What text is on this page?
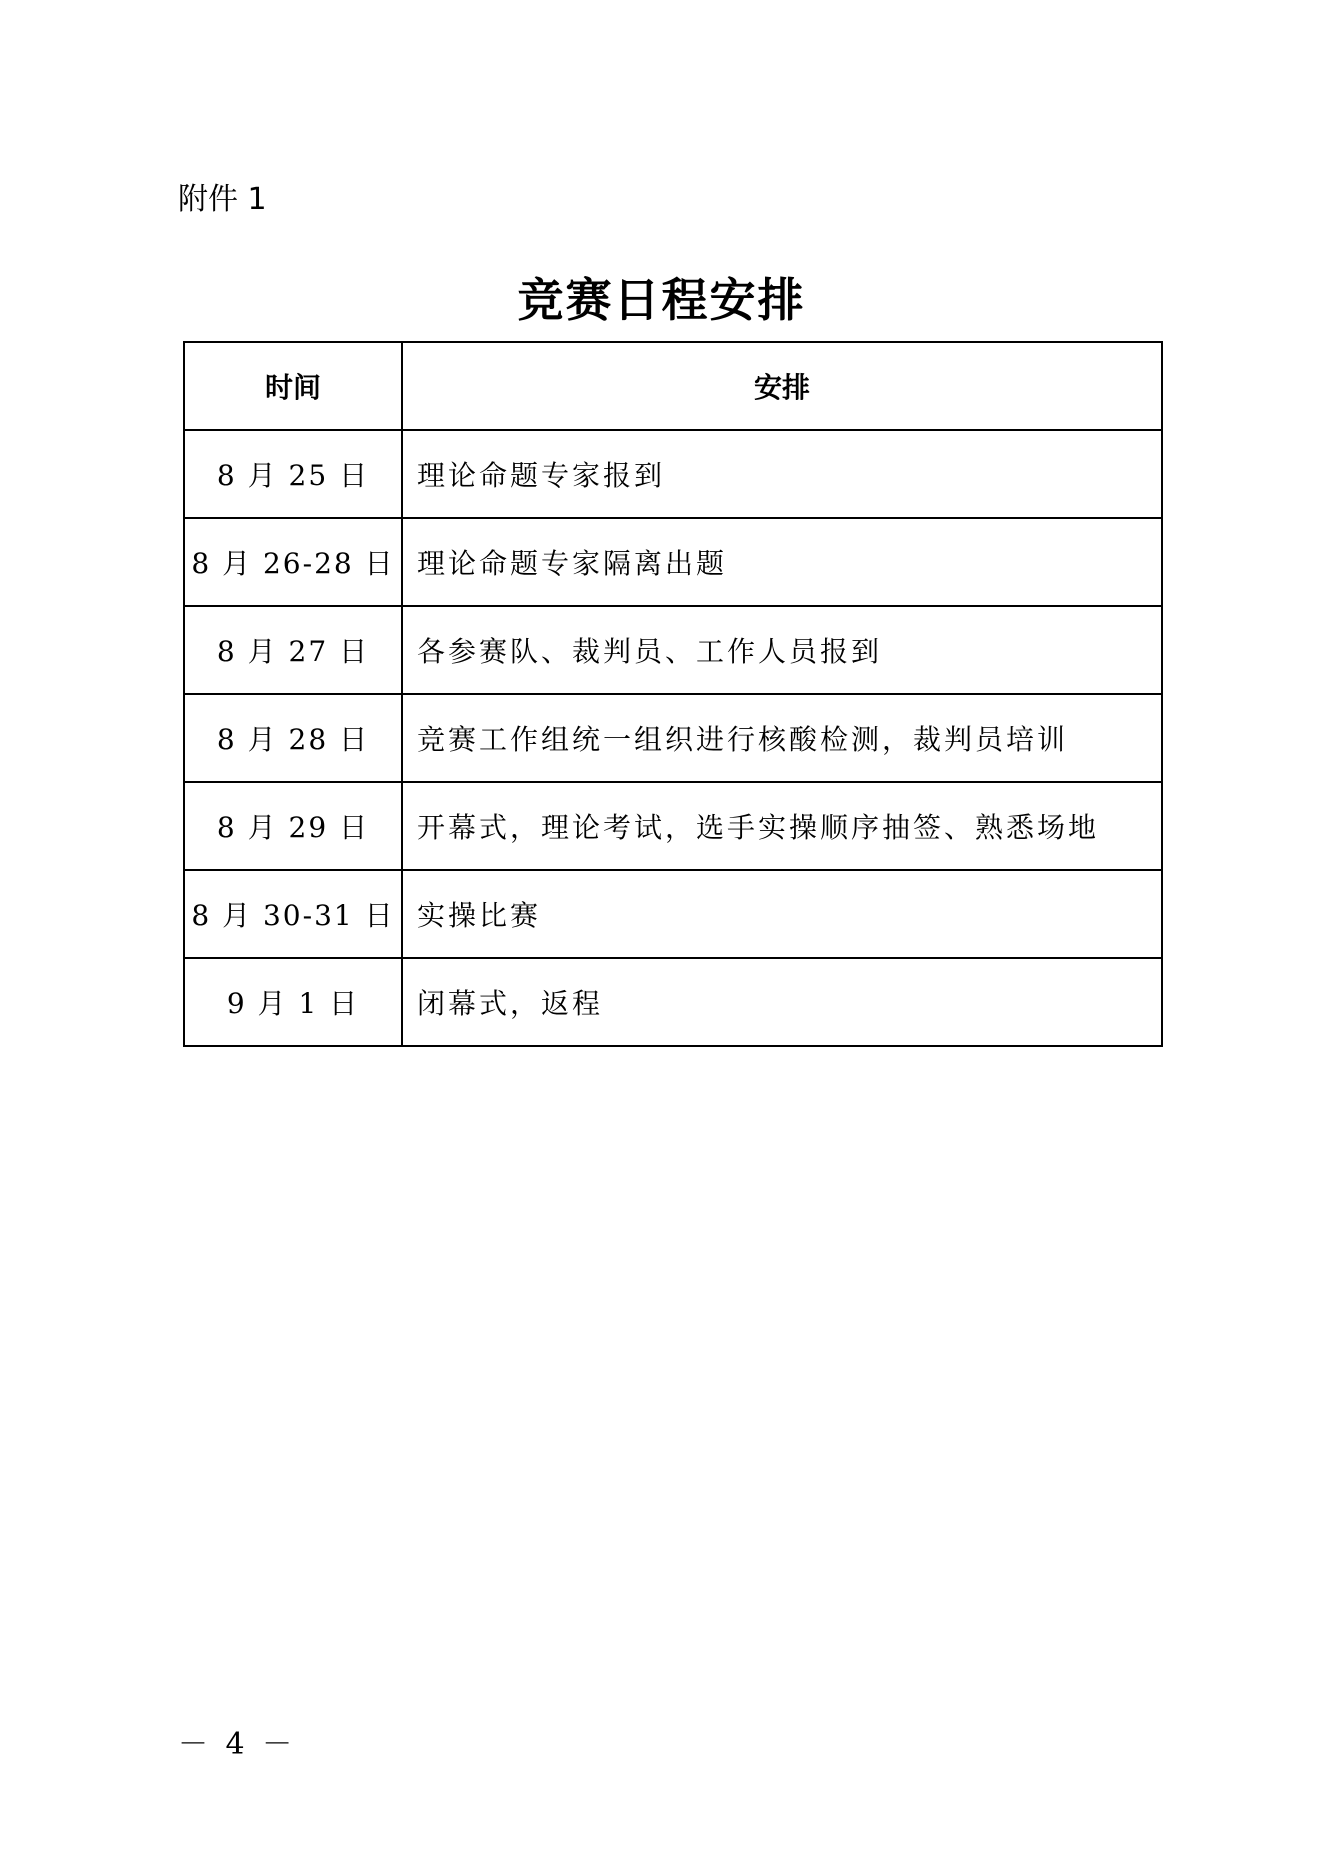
附件 1
竞赛日程安排
时间	安排
8 月 25 日	理论命题专家报到
8 月 26-28 日	理论命题专家隔离出题
8 月 27 日	各参赛队、裁判员、工作人员报到
8 月 28 日	竞赛工作组统一组织进行核酸检测，裁判员培训
8 月 29 日	开幕式，理论考试，选手实操顺序抽签、熟悉场地
8 月 30-31 日	实操比赛
9 月 1 日	闭幕式，返程
－ 4 －
